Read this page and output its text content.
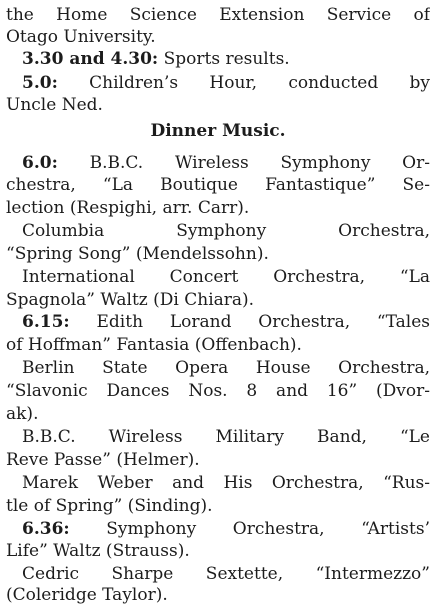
the Home Science Extension Service of
Otago University.
3.30 and 4.30: Sports results.
5.0: Children’s Hour, conducted by
Uncle Ned.
Dinner Music.
6.0: B.B.C. Wireless Symphony Or-
chestra, “La Boutique Fantastique” Se-
lection (Respighi, arr. Carr).
Columbia Symphony Orchestra,
“Spring Song” (Mendelssohn).
International Concert Orchestra, “La
Spagnola” Waltz (Di Chiara).
6.15: Edith Lorand Orchestra, “Tales
of Hoffman” Fantasia (Offenbach).
Berlin State Opera House Orchestra,
“Slavonic Dances Nos. 8 and 16” (Dvor-
ak).
B.B.C. Wireless Military Band, “Le
Reve Passe” (Helmer).
Marek Weber and His Orchestra, “Rus-
tle of Spring” (Sinding).
6.36: Symphony Orchestra, “Artists’
Life” Waltz (Strauss).
Cedric Sharpe Sextette, “Intermezzo”
(Coleridge Taylor).
